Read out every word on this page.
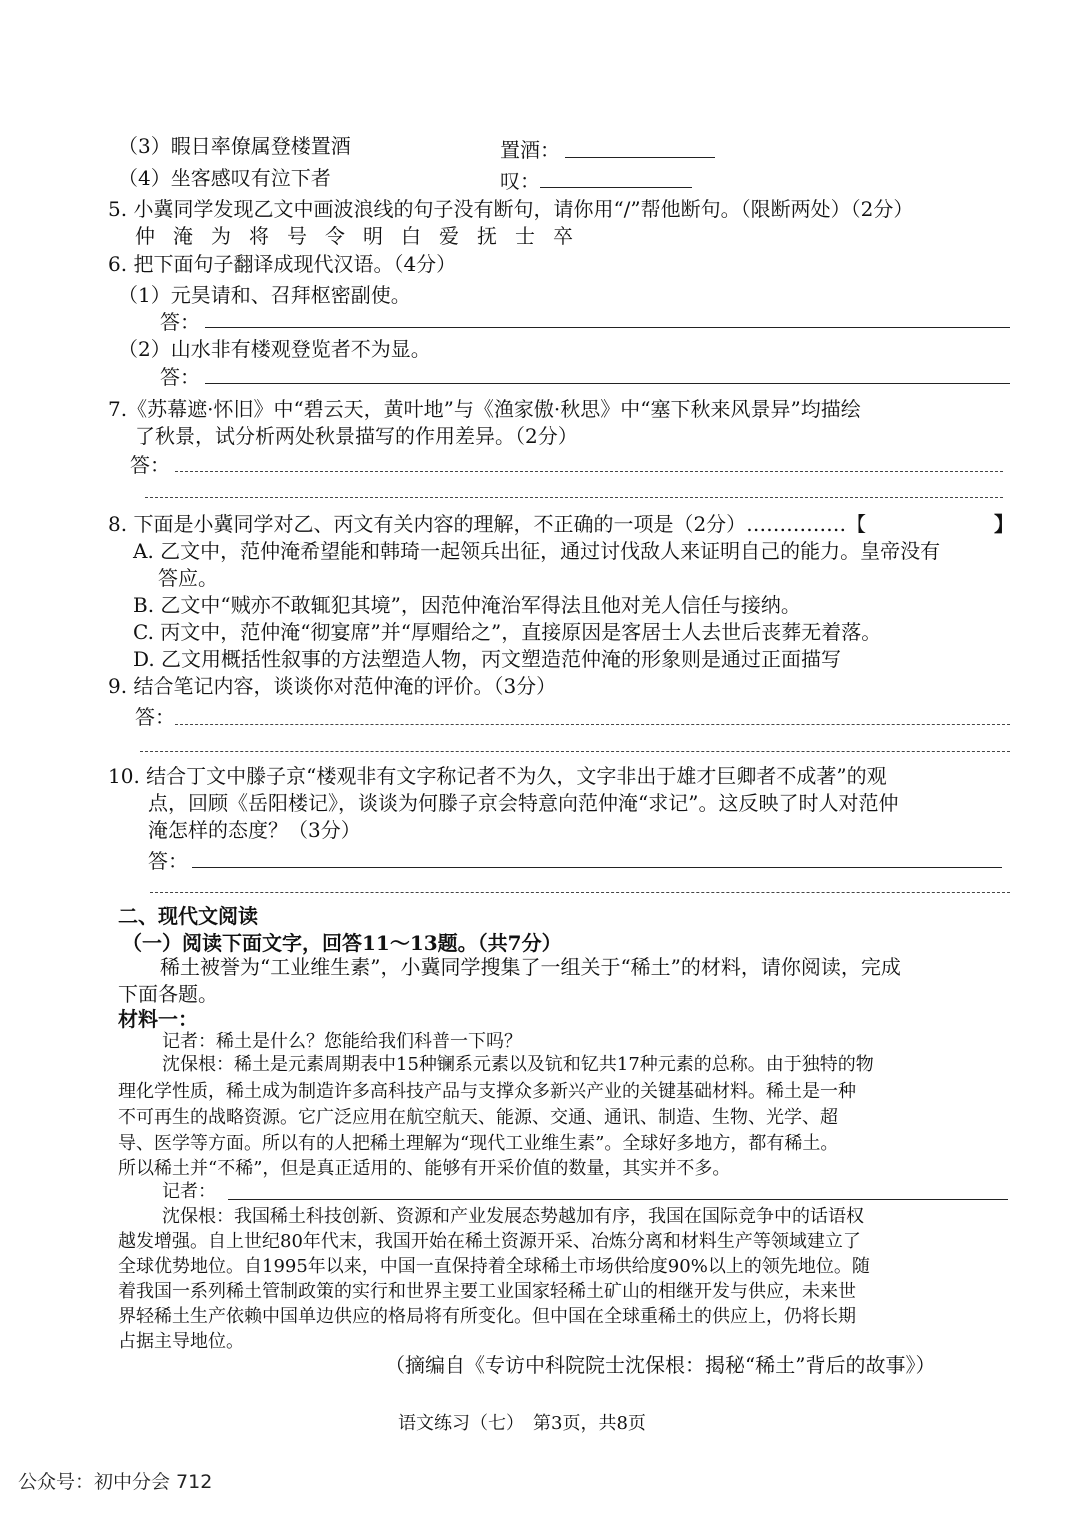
（3）暇日率僚属登楼置酒	置酒：
（4）坐客感叹有泣下者	叹：
5. 小冀同学发现乙文中画波浪线的句子没有断句，请你用“/”帮他断句。（限断两处）（2分）
仲淹为将号令明白爱抚士卒
6. 把下面句子翻译成现代汉语。（4分）
（1）元昊请和、召拜枢密副使。
答：
（2）山水非有楼观登览者不为显。
答：
7.《苏幕遮·怀旧》中“碧云天，黄叶地”与《渔家傲·秋思》中“塞下秋来风景异”均描绘
了秋景，试分析两处秋景描写的作用差异。（2分）
答：
8. 下面是小冀同学对乙、丙文有关内容的理解，不正确的一项是（2分）……………【	】
A. 乙文中，范仲淹希望能和韩琦一起领兵出征，通过讨伐敌人来证明自己的能力。皇帝没有
答应。
B. 乙文中“贼亦不敢辄犯其境”，因范仲淹治军得法且他对羌人信任与接纳。
C. 丙文中，范仲淹“彻宴席”并“厚赗给之”，直接原因是客居士人去世后丧葬无着落。
D. 乙文用概括性叙事的方法塑造人物，丙文塑造范仲淹的形象则是通过正面描写
9. 结合笔记内容，谈谈你对范仲淹的评价。（3分）
答：
10. 结合丁文中滕子京“楼观非有文字称记者不为久，文字非出于雄才巨卿者不成著”的观
点，回顾《岳阳楼记》，谈谈为何滕子京会特意向范仲淹“求记”。这反映了时人对范仲
淹怎样的态度？（3分）
答：
二、现代文阅读
（一）阅读下面文字，回答11～13题。（共7分）
稀土被誉为“工业维生素”，小冀同学搜集了一组关于“稀土”的材料，请你阅读，完成
下面各题。
材料一：
记者：稀土是什么？您能给我们科普一下吗？
沈保根：稀土是元素周期表中15种镧系元素以及钪和钇共17种元素的总称。由于独特的物
理化学性质，稀土成为制造许多高科技产品与支撑众多新兴产业的关键基础材料。稀土是一种
不可再生的战略资源。它广泛应用在航空航天、能源、交通、通讯、制造、生物、光学、超
导、医学等方面。所以有的人把稀土理解为“现代工业维生素”。全球好多地方，都有稀土。
所以稀土并“不稀”，但是真正适用的、能够有开采价值的数量，其实并不多。
记者：
沈保根：我国稀土科技创新、资源和产业发展态势越加有序，我国在国际竞争中的话语权
越发增强。自上世纪80年代末，我国开始在稀土资源开采、冶炼分离和材料生产等领域建立了
全球优势地位。自1995年以来，中国一直保持着全球稀土市场供给度90%以上的领先地位。随
着我国一系列稀土管制政策的实行和世界主要工业国家轻稀土矿山的相继开发与供应，未来世
界轻稀土生产依赖中国单边供应的格局将有所变化。但中国在全球重稀土的供应上，仍将长期
占据主导地位。
（摘编自《专访中科院院士沈保根：揭秘“稀土”背后的故事》）
语文练习（七）　第3页，共8页
公众号：初中分会 712
